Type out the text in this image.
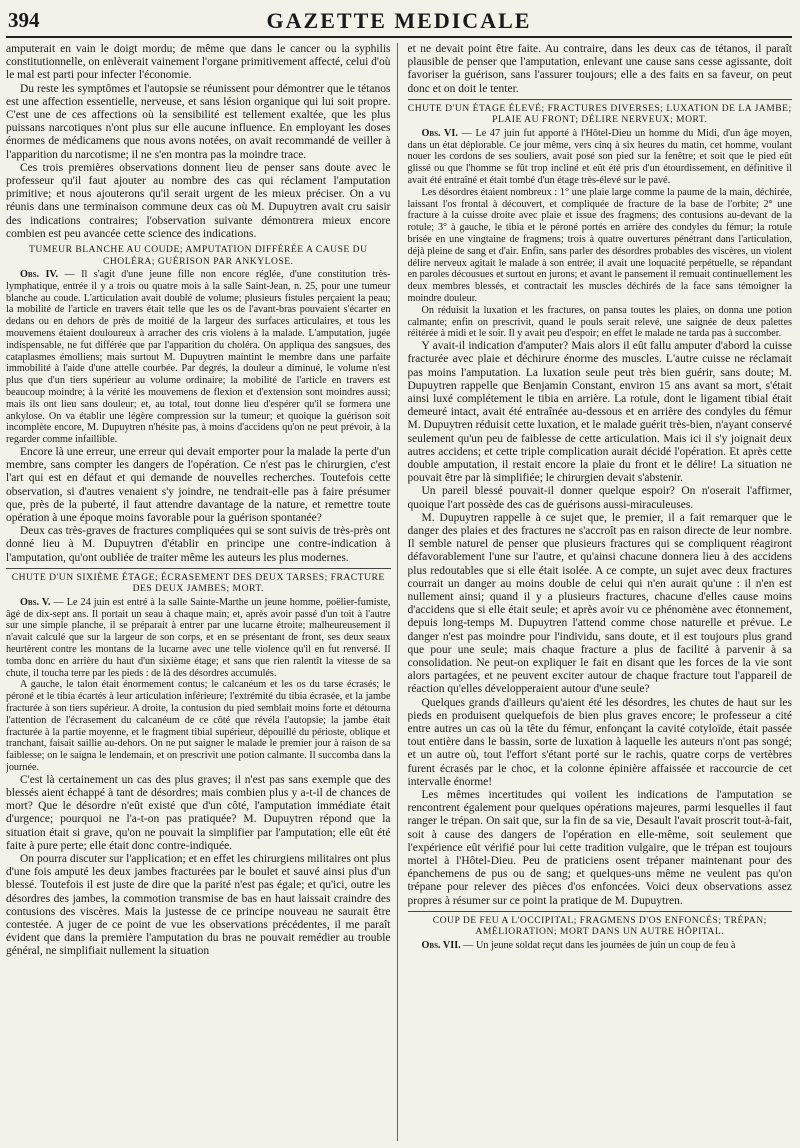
394	GAZETTE MEDICALE

amputerait en vain le doigt mordu; de même que dans le cancer ou la syphilis constitutionnelle, on enlèverait vainement l'organe primitivement affecté, celui d'où le mal est parti pour infecter l'économie.

Du reste les symptômes et l'autopsie se réunissent pour démontrer que le tétanos est une affection essentielle, nerveuse, et sans lésion organique qui lui soit propre. C'est une de ces affections où la sensibilité est tellement exaltée, que les plus puissans narcotiques n'ont plus sur elle aucune influence. En employant les doses énormes de médicamens que nous avons notées, on avait recommandé de veiller à l'apparition du narcotisme; il ne s'en montra pas la moindre trace.

Ces trois premières observations donnent lieu de penser sans doute avec le professeur qu'il faut ajouter au nombre des cas qui réclament l'amputation primitive; et nous ajouterons qu'il serait urgent de les mieux préciser. On a vu réunis dans une terminaison commune deux cas où M. Dupuytren avait cru saisir des indications contraires; l'observation suivante démontrera mieux encore combien est peu avancée cette science des indications.

TUMEUR BLANCHE AU COUDE; AMPUTATION DIFFÉRÉE A CAUSE DU CHOLÉRA; GUÉRISON PAR ANKYLOSE.

Obs. IV. — Il s'agit d'une jeune fille non encore réglée, d'une constitution très-lymphatique, entrée il y a trois ou quatre mois à la salle Saint-Jean, n. 25, pour une tumeur blanche au coude. L'articulation avait doublé de volume; plusieurs fistules perçaient la peau; la mobilité de l'article en travers était telle que les os de l'avant-bras pouvaient s'écarter en dedans ou en dehors de près de moitié de la largeur des surfaces articulaires, et tous les mouvemens étaient douloureux à arracher des cris violens à la malade. L'amputation, jugée indispensable, ne fut différée que par l'apparition du choléra. On appliqua des sangsues, des cataplasmes émolliens; mais surtout M. Dupuytren maintint le membre dans une parfaite immobilité à l'aide d'une attelle courbée. Par degrés, la douleur a diminué, le volume n'est plus que d'un tiers supérieur au volume ordinaire; la mobilité de l'article en travers est beaucoup moindre; à la vérité les mouvemens de flexion et d'extension sont moindres aussi; mais ils ont lieu sans douleur; et, au total, tout donne lieu d'espérer qu'il se formera une ankylose. On va établir une légère compression sur la tumeur; et quoique la guérison soit incomplète encore, M. Dupuytren n'hésite pas, à moins d'accidens qu'on ne peut prévoir, à la regarder comme infaillible.

Encore là une erreur, une erreur qui devait emporter pour la malade la perte d'un membre, sans compter les dangers de l'opération. Ce n'est pas le chirurgien, c'est l'art qui est en défaut et qui demande de nouvelles recherches. Toutefois cette observation, si d'autres venaient s'y joindre, ne tendrait-elle pas à faire présumer que, près de la puberté, il faut attendre davantage de la nature, et remettre toute opération à une époque moins favorable pour la guérison spontanée?

Deux cas très-graves de fractures compliquées qui se sont suivis de très-près ont donné lieu à M. Dupuytren d'établir en principe une contre-indication à l'amputation, qu'ont oubliée de traiter même les auteurs les plus modernes.

CHUTE D'UN SIXIÈME ÉTAGE; ÉCRASEMENT DES DEUX TARSES; FRACTURE DES DEUX JAMBES; MORT.

Obs. V. — Le 24 juin est entré à la salle Sainte-Marthe un jeune homme, poëlier-fumiste, âgé de dix-sept ans. Il portait un seau à chaque main; et, après avoir passé d'un toit à l'autre sur une simple planche, il se préparait à entrer par une lucarne étroite; malheureusement il n'avait calculé que sur la largeur de son corps, et en se présentant de front, ses deux seaux heurtèrent contre les montans de la lucarne avec une telle violence qu'il en fut renversé. Il tomba donc en arrière du haut d'un sixième étage; et sans que rien ralentît la vitesse de sa chute, il toucha terre par les pieds : de là des désordres accumulés.

A gauche, le talon était énormement contus; le calcanéum et les os du tarse écrasés; le péroné et le tibia écartés à leur articulation inférieure; l'extrémité du tibia écrasée, et la jambe fracturée à son tiers supérieur. A droite, la contusion du pied semblait moins forte et détourna l'attention de l'écrasement du calcanéum de ce côté que révéla l'autopsie; la jambe était fracturée à la partie moyenne, et le fragment tibial supérieur, dépouillé du périoste, oblique et tranchant, faisait saillie au-dehors. On ne put saigner le malade le premier jour à raison de sa faiblesse; on le saigna le lendemain, et on prescrivit une potion calmante. Il succomba dans la journée.

C'est là certainement un cas des plus graves; il n'est pas sans exemple que des blessés aient échappé à tant de désordres; mais combien plus y a-t-il de chances de mort? Que le désordre n'eût existé que d'un côté, l'amputation immédiate était d'urgence; pourquoi ne l'a-t-on pas pratiquée? M. Dupuytren répond que la situation était si grave, qu'on ne pouvait la simplifier par l'amputation; elle eût été faite à pure perte; elle était donc contre-indiquée.

On pourra discuter sur l'application; et en effet les chirurgiens militaires ont plus d'une fois amputé les deux jambes fracturées par le boulet et sauvé ainsi plus d'un blessé. Toutefois il est juste de dire que la parité n'est pas égale; et qu'ici, outre les désordres des jambes, la commotion transmise de bas en haut laissait craindre des contusions des viscères. Mais la justesse de ce principe nouveau ne saurait être contestée. A juger de ce point de vue les observations précédentes, il me paraît évident que dans la première l'amputation du bras ne pouvait remédier au trouble général, ne simplifiait nullement la situation

et ne devait point être faite. Au contraire, dans les deux cas de tétanos, il paraît plausible de penser que l'amputation, enlevant une cause sans cesse agissante, doit favoriser la guérison, sans l'assurer toujours; elle a des faits en sa faveur, on peut donc et on doit le tenter.

CHUTE D'UN ÉTAGE ÉLEVÉ; FRACTURES DIVERSES; LUXATION DE LA JAMBE; PLAIE AU FRONT; DÉLIRE NERVEUX; MORT.

Obs. VI. — Le 47 juin fut apporté à l'Hôtel-Dieu un homme du Midi, d'un âge moyen, dans un état déplorable. Ce jour même, vers cinq à six heures du matin, cet homme, voulant nouer les cordons de ses souliers, avait posé son pied sur la fenêtre; et soit que le pied eût glissé ou que l'homme se fût trop incliné et eût été pris d'un étourdissement, en définitive il avait été entraîné et était tombé d'un étage très-élevé sur le pavé.

Les désordres étaient nombreux : 1° une plaie large comme la paume de la main, déchirée, laissant l'os frontal à découvert, et compliquée de fracture de la base de l'orbite; 2° une fracture à la cuisse droite avec plaie et issue des fragmens; des contusions au-devant de la rotule; 3° à gauche, le tibia et le péroné portés en arrière des condyles du fémur; la rotule brisée en une vingtaine de fragmens; trois à quatre ouvertures pénétrant dans l'articulation, déjà pleine de sang et d'air. Enfin, sans parler des désordres probables des viscères, un violent délire nerveux agitait le malade à son entrée; il avait une loquacité perpétuelle, se répandant en paroles décousues et surtout en jurons; et avant le pansement il remuait continuellement les deux membres blessés, et contractait les muscles déchirés de la face sans témoigner la moindre douleur.

On réduisit la luxation et les fractures, on pansa toutes les plaies, on donna une potion calmante; enfin on prescrivit, quand le pouls serait relevé, une saignée de deux palettes réitérée à midi et le soir. Il y avait peu d'espoir; en effet le malade ne tarda pas à succomber.

Y avait-il indication d'amputer? Mais alors il eût fallu amputer d'abord la cuisse fracturée avec plaie et déchirure énorme des muscles. L'autre cuisse ne réclamait pas moins l'amputation. La luxation seule peut très bien guérir, sans doute; M. Dupuytren rappelle que Benjamin Constant, environ 15 ans avant sa mort, s'était ainsi luxé complétement le tibia en arrière. La rotule, dont le ligament tibial était demeuré intact, avait été entraînée au-dessous et en arrière des condyles du fémur M. Dupuytren réduisit cette luxation, et le malade guérit très-bien, n'ayant conservé seulement qu'un peu de faiblesse de cette articulation. Mais ici il s'y joignait deux autres accidens; et cette triple complication aurait décidé l'opération. Et après cette double amputation, il restait encore la plaie du front et le délire! La situation ne pouvait être par là simplifiée; le chirurgien devait s'abstenir.

Un pareil blessé pouvait-il donner quelque espoir? On n'oserait l'affirmer, quoique l'art possède des cas de guérisons aussi-miraculeuses.

M. Dupuytren rappelle à ce sujet que, le premier, il a fait remarquer que le danger des plaies et des fractures ne s'accroît pas en raison directe de leur nombre. Il semble naturel de penser que plusieurs fractures qui se compliquent réagiront défavorablement l'une sur l'autre, et qu'ainsi chacune donnera lieu à des accidens plus redoutables que si elle était isolée. A ce compte, un sujet avec deux fractures courrait un danger au moins double de celui qui n'en aurait qu'une : il n'en est nullement ainsi; quand il y a plusieurs fractures, chacune d'elles cause moins d'accidens que si elle était seule; et après avoir vu ce phénomène avec étonnement, depuis long-temps M. Dupuytren l'attend comme chose naturelle et prévue. Le danger n'est pas moindre pour l'individu, sans doute, et il est toujours plus grand que pour une seule; mais chaque fracture a plus de facilité à parvenir à sa consolidation. Ne peut-on expliquer le fait en disant que les forces de la vie sont alors partagées, et ne peuvent exciter autour de chaque fracture tout l'appareil de réaction qu'elles développeraient autour d'une seule?

Quelques grands d'ailleurs qu'aient été les désordres, les chutes de haut sur les pieds en produisent quelquefois de bien plus graves encore; le professeur a cité entre autres un cas où la tête du fémur, enfonçant la cavité cotyloïde, était passée tout entière dans le bassin, sorte de luxation à laquelle les auteurs n'ont pas songé; et un autre où, tout l'effort s'étant porté sur le rachis, quatre corps de vertèbres furent écrasés par le choc, et la colonne épinière affaissée et raccourcie de cet intervalle énorme!

Les mêmes incertitudes qui voilent les indications de l'amputation se rencontrent également pour quelques opérations majeures, parmi lesquelles il faut ranger le trépan. On sait que, sur la fin de sa vie, Desault l'avait proscrit tout-à-fait, soit à cause des dangers de l'opération en elle-même, soit seulement que l'expérience eût vérifié pour lui cette tradition vulgaire, que le trépan est toujours mortel à l'Hôtel-Dieu. Peu de praticiens osent trépaner maintenant pour des épanchemens de pus ou de sang; et quelques-uns même ne veulent pas qu'on trépane pour relever des pièces d'os enfoncées. Voici deux observations assez propres à résumer sur ce point la pratique de M. Dupuytren.

COUP DE FEU A L'OCCIPITAL; FRAGMENS D'OS ENFONCÉS; TRÉPAN; AMÉLIORATION; MORT DANS UN AUTRE HÔPITAL.

Obs. VII. — Un jeune soldat reçut dans les journées de juin un coup de feu à
